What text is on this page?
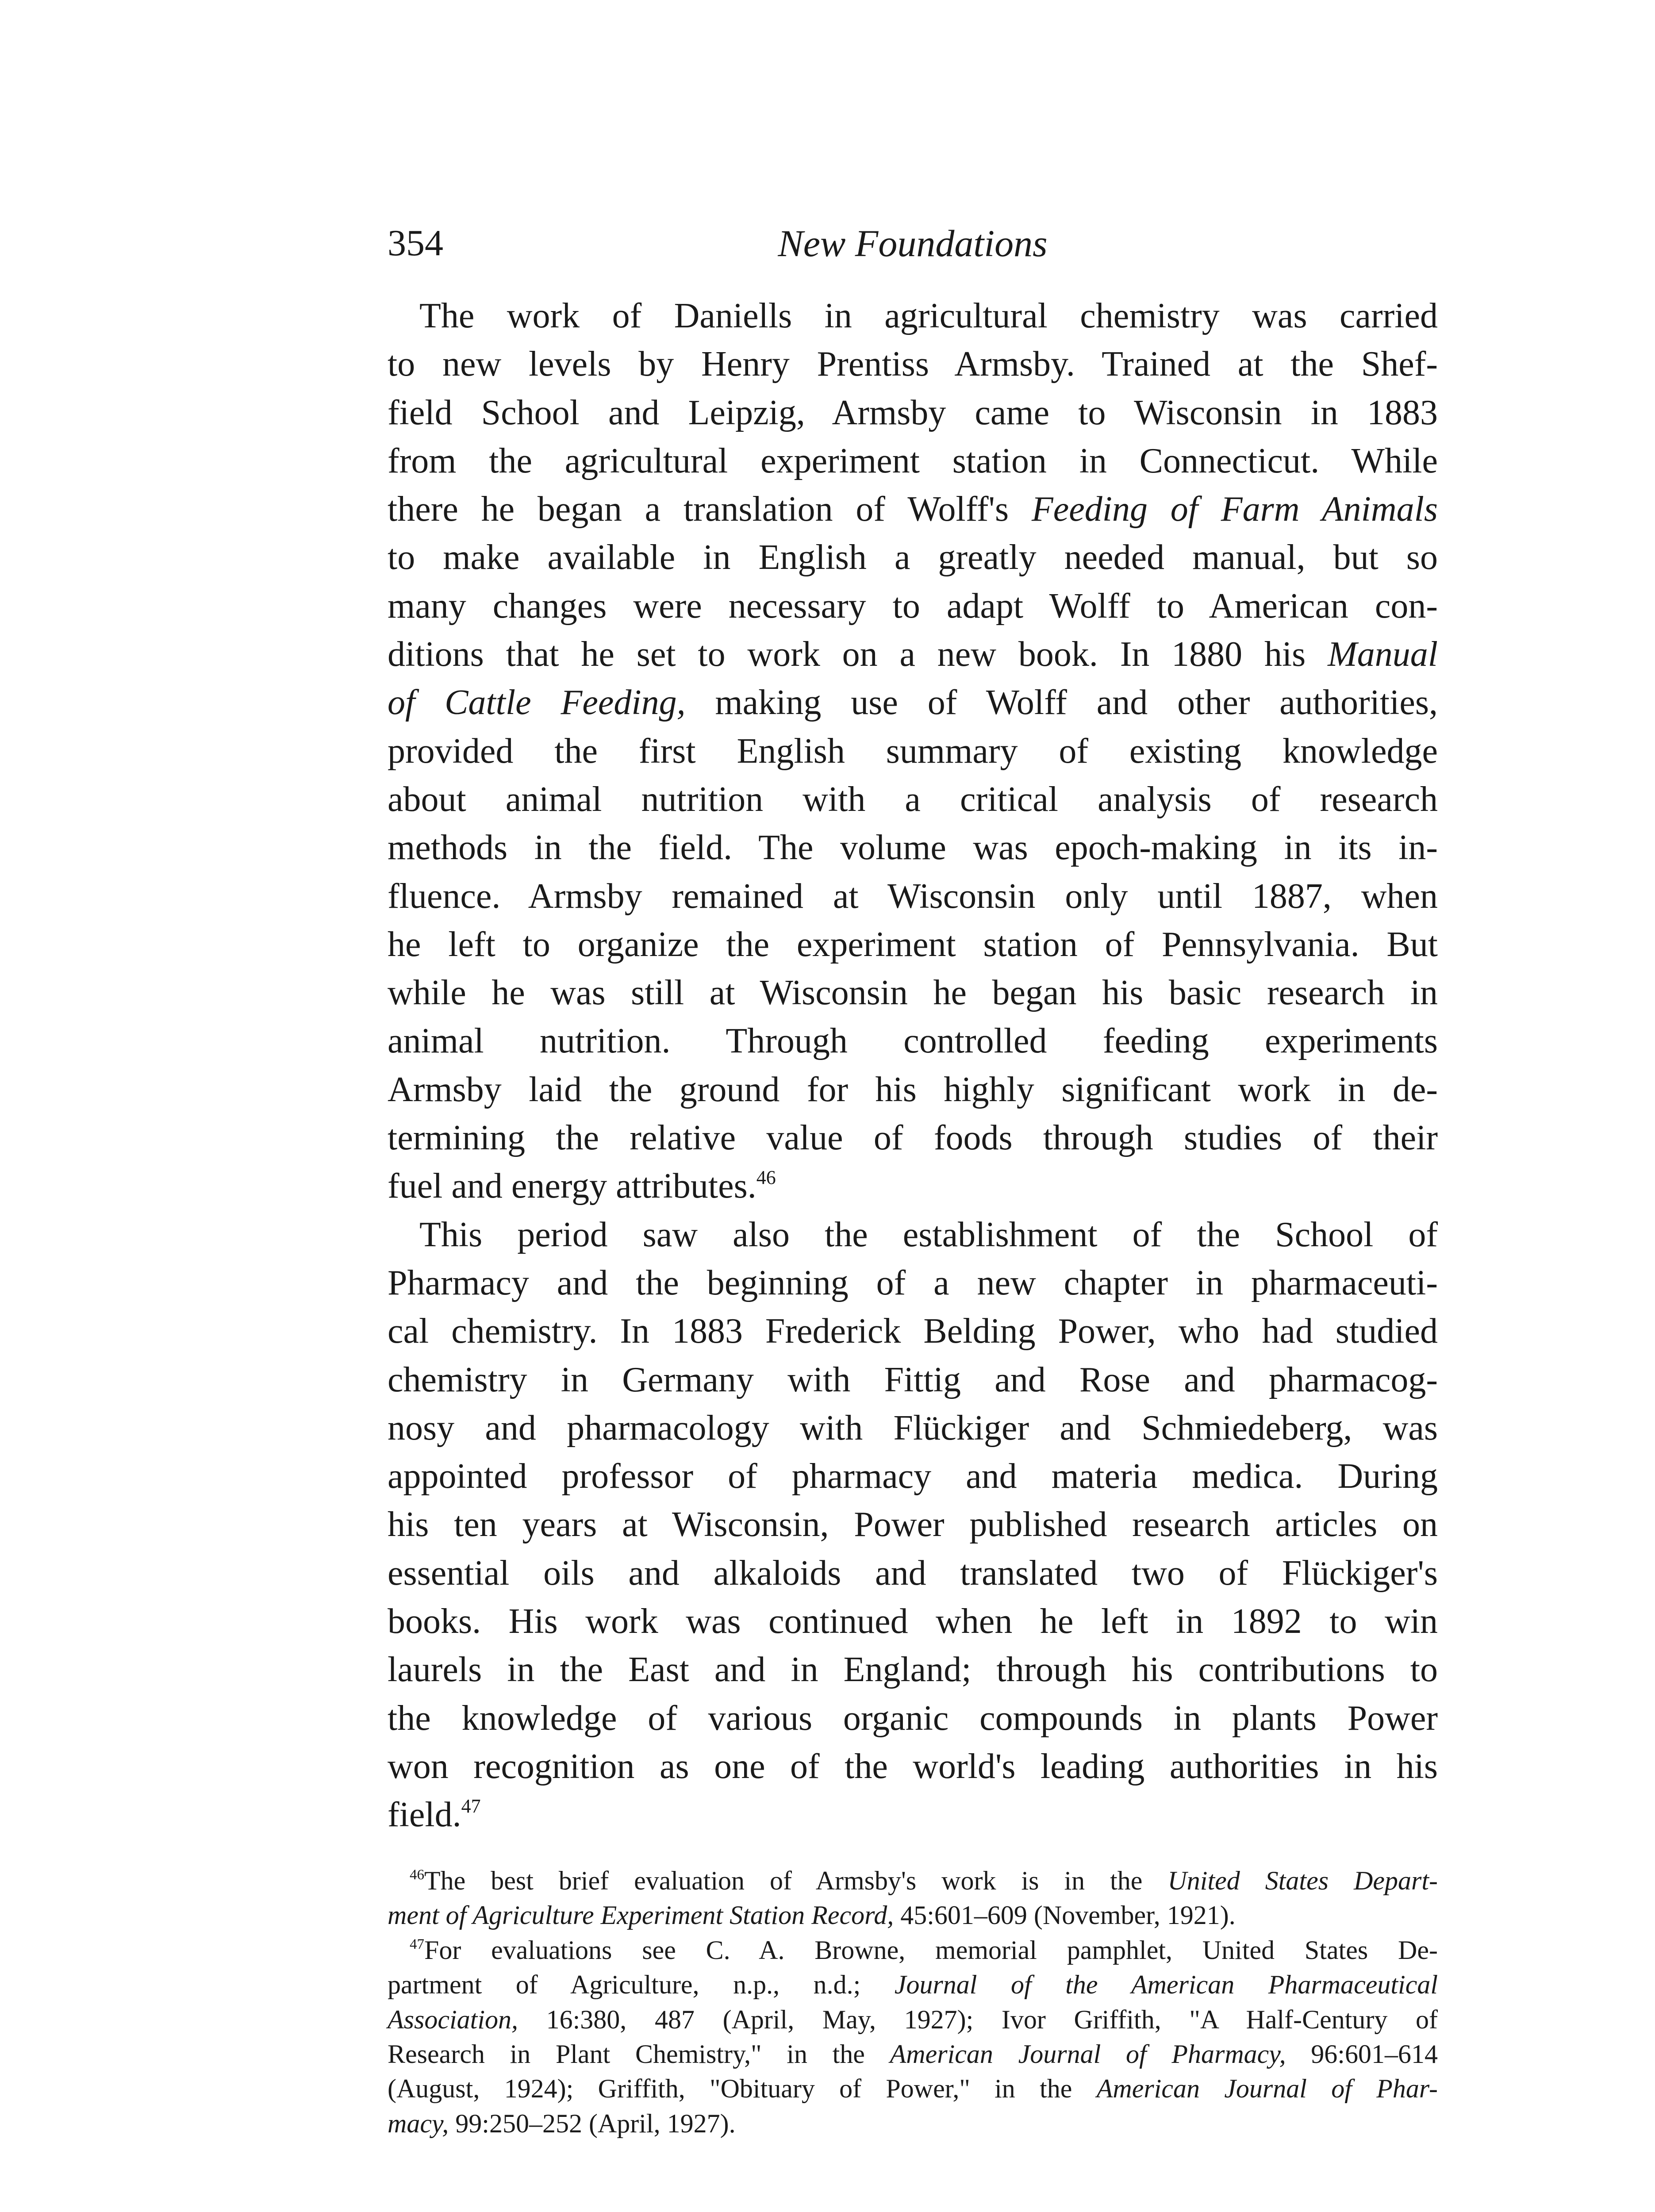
354	New Foundations
The work of Daniells in agricultural chemistry was carried
to new levels by Henry Prentiss Armsby. Trained at the Shef-
field School and Leipzig, Armsby came to Wisconsin in 1883
from the agricultural experiment station in Connecticut. While
there he began a translation of Wolff's Feeding of Farm Animals
to make available in English a greatly needed manual, but so
many changes were necessary to adapt Wolff to American con-
ditions that he set to work on a new book. In 1880 his Manual
of Cattle Feeding, making use of Wolff and other authorities,
provided the first English summary of existing knowledge
about animal nutrition with a critical analysis of research
methods in the field. The volume was epoch-making in its in-
fluence. Armsby remained at Wisconsin only until 1887, when
he left to organize the experiment station of Pennsylvania. But
while he was still at Wisconsin he began his basic research in
animal nutrition. Through controlled feeding experiments
Armsby laid the ground for his highly significant work in de-
termining the relative value of foods through studies of their
fuel and energy attributes.$^{46}$
This period saw also the establishment of the School of
Pharmacy and the beginning of a new chapter in pharmaceuti-
cal chemistry. In 1883 Frederick Belding Power, who had studied
chemistry in Germany with Fittig and Rose and pharmacog-
nosy and pharmacology with Flückiger and Schmiedeberg, was
appointed professor of pharmacy and materia medica. During
his ten years at Wisconsin, Power published research articles on
essential oils and alkaloids and translated two of Flückiger's
books. His work was continued when he left in 1892 to win
laurels in the East and in England; through his contributions to
the knowledge of various organic compounds in plants Power
won recognition as one of the world's leading authorities in his
field.$^{47}$
$^{46}$The best brief evaluation of Armsby's work is in the United States Depart-
ment of Agriculture Experiment Station Record, 45:601–609 (November, 1921).
$^{47}$For evaluations see C. A. Browne, memorial pamphlet, United States De-
partment of Agriculture, n.p., n.d.; Journal of the American Pharmaceutical
Association, 16:380, 487 (April, May, 1927); Ivor Griffith, "A Half-Century of
Research in Plant Chemistry," in the American Journal of Pharmacy, 96:601–614
(August, 1924); Griffith, "Obituary of Power," in the American Journal of Phar-
macy, 99:250–252 (April, 1927).
